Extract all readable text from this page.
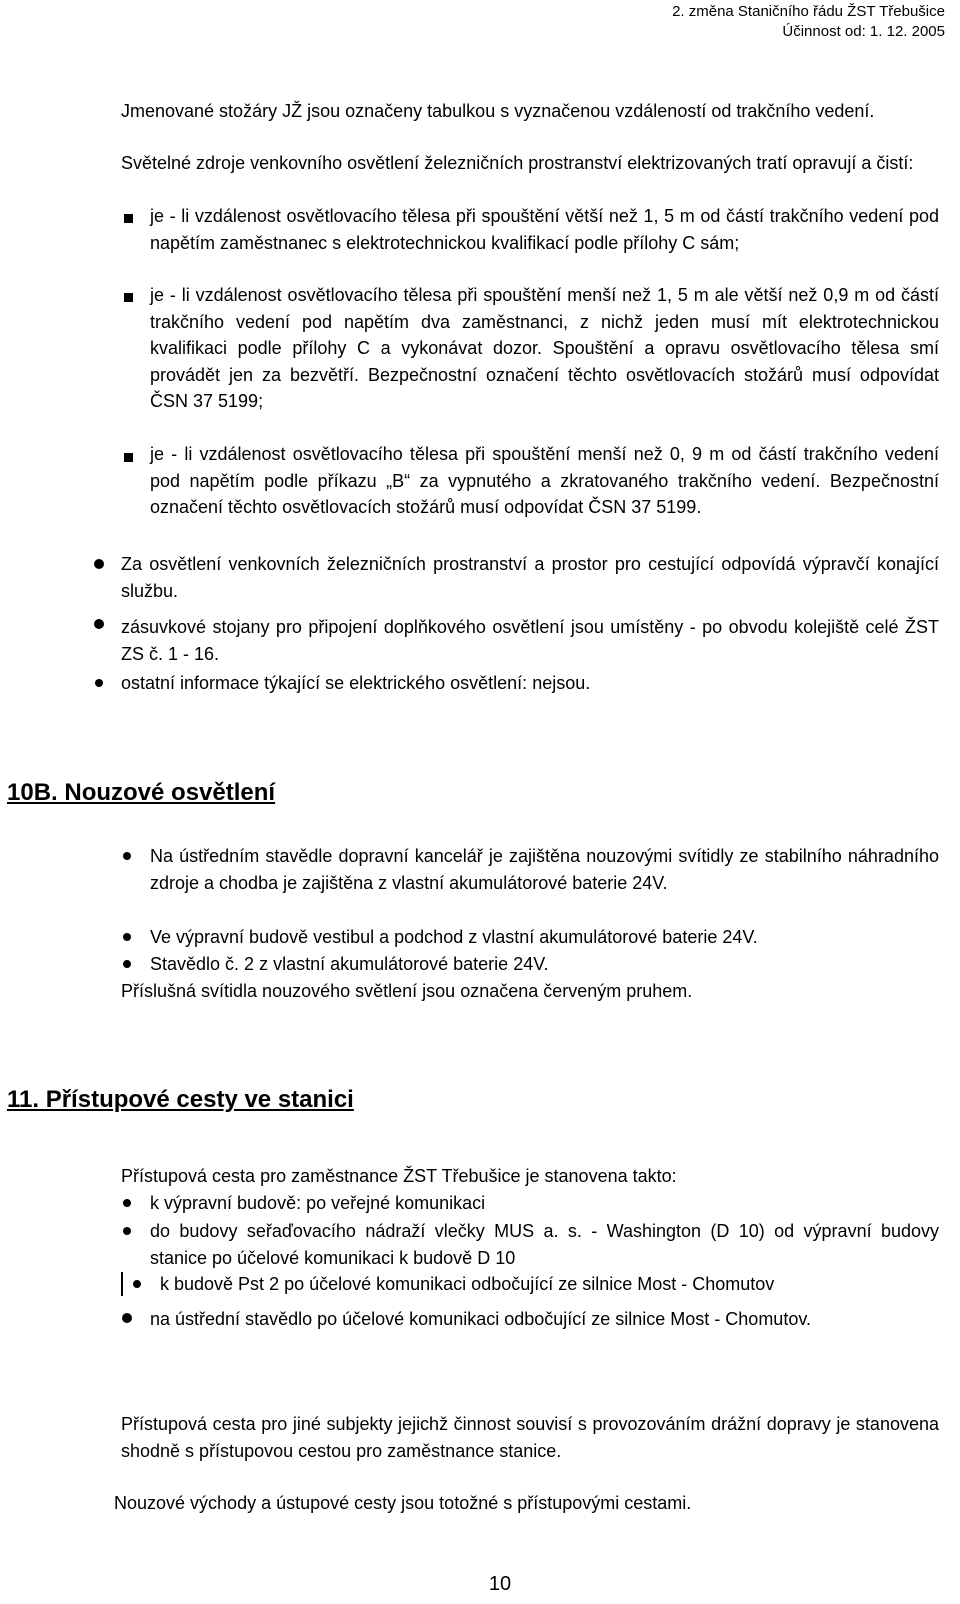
2. změna Staničního řádu ŽST Třebušice
Účinnost od: 1. 12. 2005
Jmenované stožáry JŽ jsou označeny tabulkou s vyznačenou vzdáleností od trakčního vedení.
Světelné zdroje venkovního osvětlení železničních prostranství elektrizovaných tratí opravují a čistí:
je - li vzdálenost osvětlovacího tělesa při spouštění větší než 1, 5 m od částí trakčního vedení pod napětím zaměstnanec s elektrotechnickou kvalifikací podle přílohy C sám;
je - li vzdálenost osvětlovacího tělesa při spouštění menší než 1, 5 m ale větší než 0,9 m od částí trakčního vedení pod napětím dva zaměstnanci, z nichž jeden musí mít elektrotechnickou kvalifikaci podle přílohy C a vykonávat dozor. Spouštění a opravu osvětlovacího tělesa smí provádět jen za bezvětří. Bezpečnostní označení těchto osvětlovacích stožárů musí odpovídat ČSN 37 5199;
je - li vzdálenost osvětlovacího tělesa při spouštění menší než 0, 9 m od částí trakčního vedení pod napětím podle příkazu „B“ za vypnutého a zkratovaného trakčního vedení. Bezpečnostní označení těchto osvětlovacích stožárů musí odpovídat ČSN 37 5199.
Za osvětlení venkovních železničních prostranství a prostor pro cestující odpovídá výpravčí konající službu.
zásuvkové stojany pro připojení doplňkového osvětlení jsou umístěny - po obvodu kolejiště celé ŽST ZS č. 1 - 16.
ostatní informace týkající se elektrického osvětlení: nejsou.
10B. Nouzové osvětlení
Na ústředním stavědle dopravní kancelář je zajištěna nouzovými svítidly ze stabilního náhradního zdroje a chodba je zajištěna z vlastní akumulátorové baterie 24V.
Ve výpravní budově vestibul a podchod z vlastní akumulátorové baterie 24V.
Stavědlo č. 2 z vlastní akumulátorové baterie 24V.
Příslušná svítidla nouzového světlení jsou označena červeným pruhem.
11. Přístupové cesty ve stanici
Přístupová cesta pro zaměstnance ŽST Třebušice je stanovena takto:
k výpravní budově: po veřejné komunikaci
do budovy seřaďovacího nádraží vlečky MUS a. s. - Washington (D 10) od výpravní budovy stanice po účelové komunikaci k budově D 10
k budově Pst 2 po účelové komunikaci odbočující ze silnice Most - Chomutov
na ústřední stavědlo po účelové komunikaci odbočující ze silnice Most - Chomutov.
Přístupová cesta pro jiné subjekty jejichž činnost souvisí s provozováním drážní dopravy je stanovena shodně s přístupovou cestou pro zaměstnance stanice.
Nouzové východy a ústupové cesty jsou totožné s přístupovými cestami.
10
